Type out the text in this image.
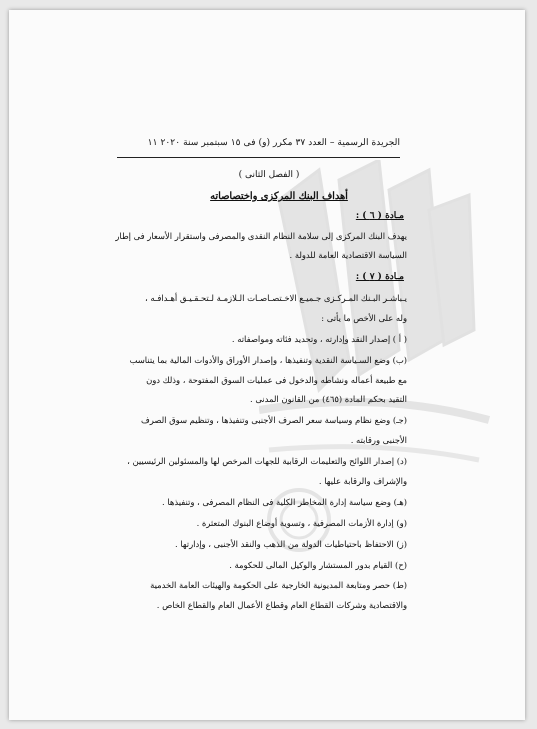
الجريدة الرسمية – العدد ٣٧ مكرر (و) فى ١٥ سبتمبر سنة ٢٠٢٠ ١١
( الفصل الثانى )
أهداف البنك المركزى واختصاصاته
مـادة ( ٦ ) :
يهدف البنك المركزى إلى سلامة النظام النقدى والمصرفى واستقرار الأسعار فى إطار
السياسة الاقتصادية العامة للدولة .
مـادة ( ٧ ) :
يـباشـر البـنك المـركـزى جـميـع الاخـتصـاصـات الـلازمـة لـتحـقـيـق أهـدافـه ،
وله على الأخص ما يأتى :
( أ ) إصدار النقد وإدارته ، وتحديد فئاته ومواصفاته .
(ب) وضع السـياسة النقدية وتنفيذها ، وإصدار الأوراق والأدوات المالية بما يتناسب
مع طبيعة أعماله ونشاطه والدخول فى عمليات السوق المفتوحة ، وذلك دون
التقيد بحكم المادة (٤٦٥) من القانون المدنى .
(جـ) وضع نظام وسياسة سعر الصرف الأجنبى وتنفيذها ، وتنظيم سوق الصرف
الأجنبى ورقابته .
(د) إصدار اللوائح والتعليمات الرقابية للجهات المرخص لها والمسئولين الرئيسيين ،
والإشراف والرقابة عليها .
(هـ) وضع سياسة إدارة المخاطر الكلية فى النظام المصرفى ، وتنفيذها .
(و) إدارة الأزمات المصرفية ، وتسوية أوضاع البنوك المتعثرة .
(ز) الاحتفاظ باحتياطيات الدولة من الذهب والنقد الأجنبى ، وإدارتها .
(ح) القيام بدور المستشار والوكيل المالى للحكومة .
(ط) حصر ومتابعة المديونية الخارجية على الحكومة والهيئات العامة الخدمية
والاقتصادية وشركات القطاع العام وقطاع الأعمال العام والقطاع الخاص .
